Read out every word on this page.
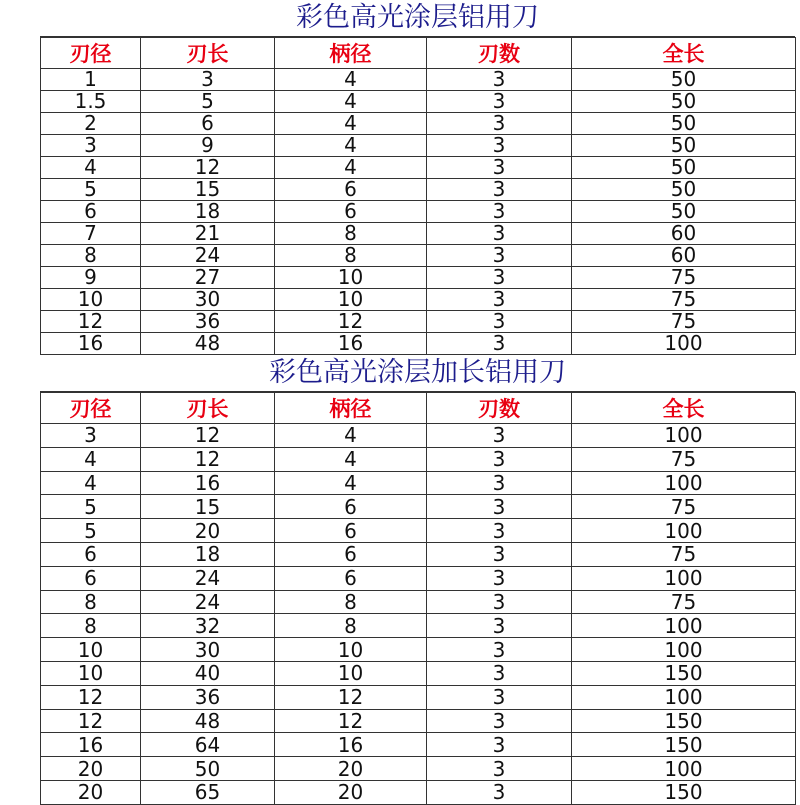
彩色高光涂层铝用刀
刃径	刃长	柄径	刃数	全长
1	3	4	3	50
1.5	5	4	3	50
2	6	4	3	50
3	9	4	3	50
4	12	4	3	50
5	15	6	3	50
6	18	6	3	50
7	21	8	3	60
8	24	8	3	60
9	27	10	3	75
10	30	10	3	75
12	36	12	3	75
16	48	16	3	100
彩色高光涂层加长铝用刀
刃径	刃长	柄径	刃数	全长
3	12	4	3	100
4	12	4	3	75
4	16	4	3	100
5	15	6	3	75
5	20	6	3	100
6	18	6	3	75
6	24	6	3	100
8	24	8	3	75
8	32	8	3	100
10	30	10	3	100
10	40	10	3	150
12	36	12	3	100
12	48	12	3	150
16	64	16	3	150
20	50	20	3	100
20	65	20	3	150
